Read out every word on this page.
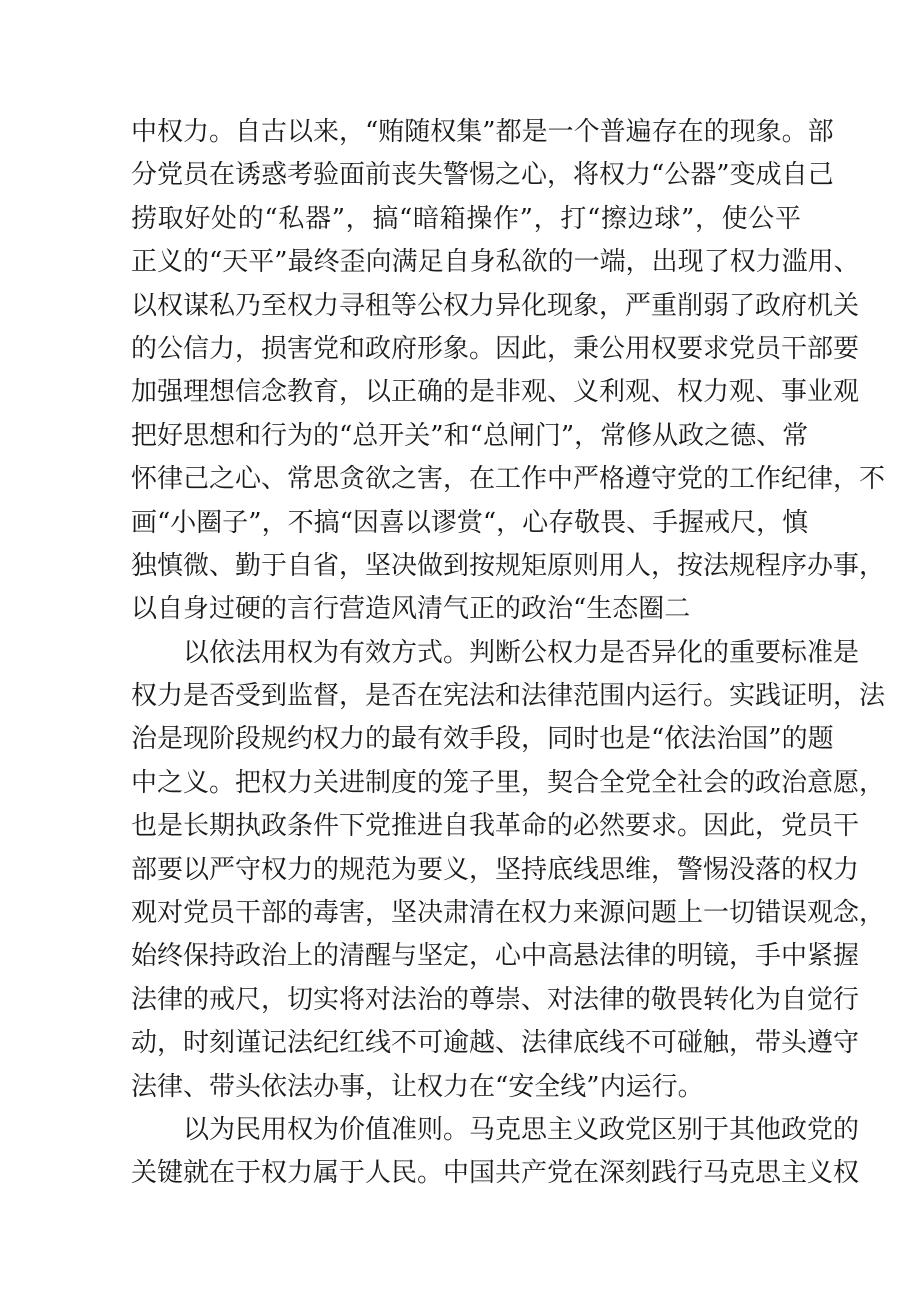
中权力。自古以来，“贿随权集”都是一个普遍存在的现象。部
分党员在诱惑考验面前丧失警惕之心，将权力“公器”变成自己
捞取好处的“私器”，搞“暗箱操作”，打“擦边球”，使公平
正义的“天平”最终歪向满足自身私欲的一端，出现了权力滥用、
以权谋私乃至权力寻租等公权力异化现象，严重削弱了政府机关
的公信力，损害党和政府形象。因此，秉公用权要求党员干部要
加强理想信念教育，以正确的是非观、义利观、权力观、事业观
把好思想和行为的“总开关”和“总闸门”，常修从政之德、常
怀律己之心、常思贪欲之害，在工作中严格遵守党的工作纪律，不
画“小圈子”，不搞“因喜以谬赏“，心存敬畏、手握戒尺，慎
独慎微、勤于自省，坚决做到按规矩原则用人，按法规程序办事，
以自身过硬的言行营造风清气正的政治“生态圈二
以依法用权为有效方式。判断公权力是否异化的重要标准是
权力是否受到监督，是否在宪法和法律范围内运行。实践证明，法
治是现阶段规约权力的最有效手段，同时也是“依法治国”的题
中之义。把权力关进制度的笼子里，契合全党全社会的政治意愿，
也是长期执政条件下党推进自我革命的必然要求。因此，党员干
部要以严守权力的规范为要义，坚持底线思维，警惕没落的权力
观对党员干部的毒害，坚决肃清在权力来源问题上一切错误观念，
始终保持政治上的清醒与坚定，心中高悬法律的明镜，手中紧握
法律的戒尺，切实将对法治的尊崇、对法律的敬畏转化为自觉行
动，时刻谨记法纪红线不可逾越、法律底线不可碰触，带头遵守
法律、带头依法办事，让权力在“安全线”内运行。
以为民用权为价值准则。马克思主义政党区别于其他政党的
关键就在于权力属于人民。中国共产党在深刻践行马克思主义权
